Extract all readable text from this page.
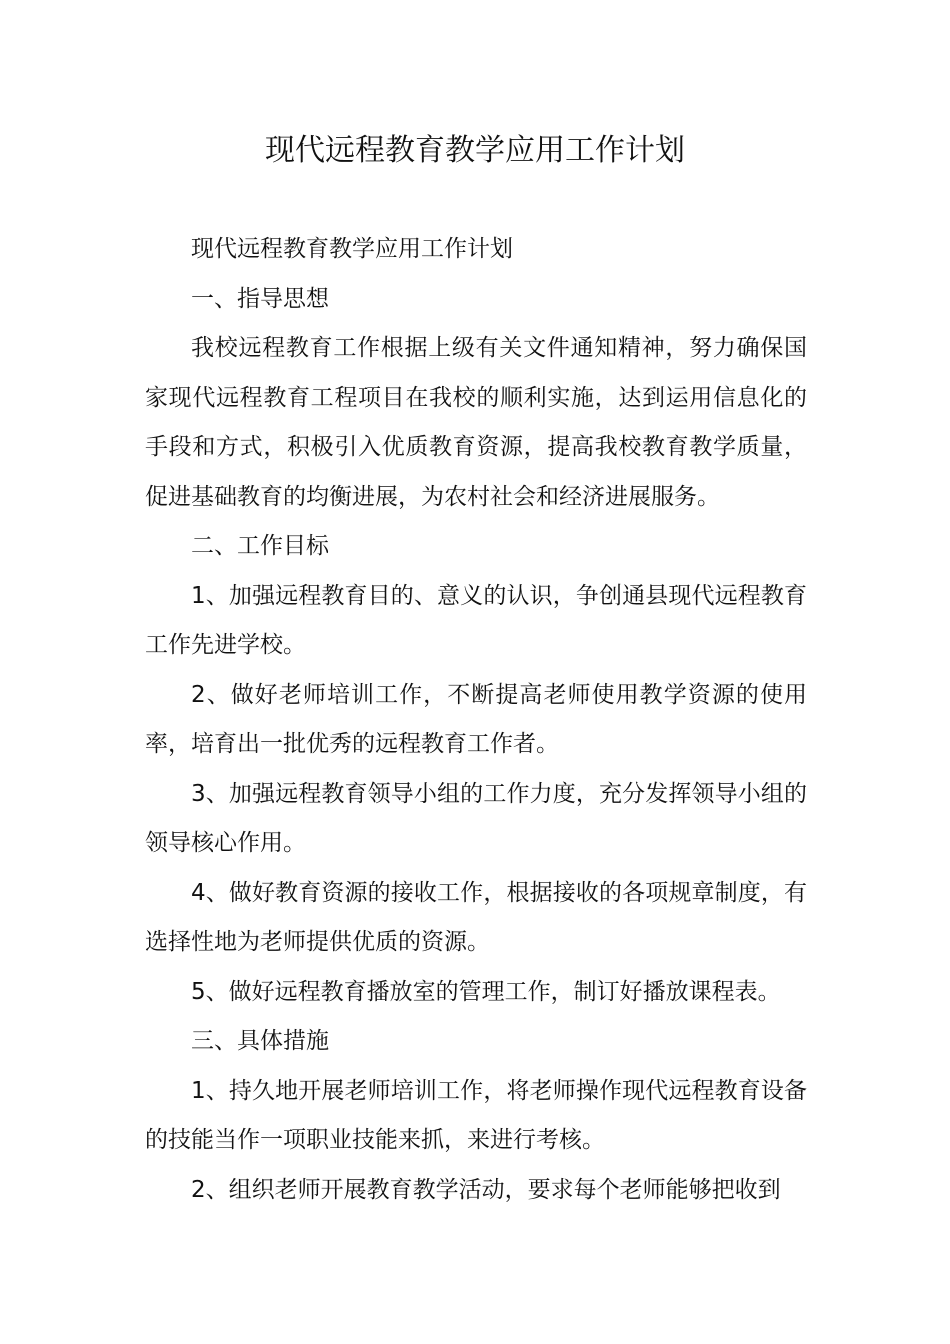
现代远程教育教学应用工作计划

现代远程教育教学应用工作计划

一、指导思想

我校远程教育工作根据上级有关文件通知精神，努力确保国家现代远程教育工程项目在我校的顺利实施，达到运用信息化的手段和方式，积极引入优质教育资源，提高我校教育教学质量，促进基础教育的均衡进展，为农村社会和经济进展服务。

二、工作目标

1、加强远程教育目的、意义的认识，争创通县现代远程教育工作先进学校。

2、做好老师培训工作，不断提高老师使用教学资源的使用率，培育出一批优秀的远程教育工作者。

3、加强远程教育领导小组的工作力度，充分发挥领导小组的领导核心作用。

4、做好教育资源的接收工作，根据接收的各项规章制度，有选择性地为老师提供优质的资源。

5、做好远程教育播放室的管理工作，制订好播放课程表。

三、具体措施

1、持久地开展老师培训工作，将老师操作现代远程教育设备的技能当作一项职业技能来抓，来进行考核。

2、组织老师开展教育教学活动，要求每个老师能够把收到
